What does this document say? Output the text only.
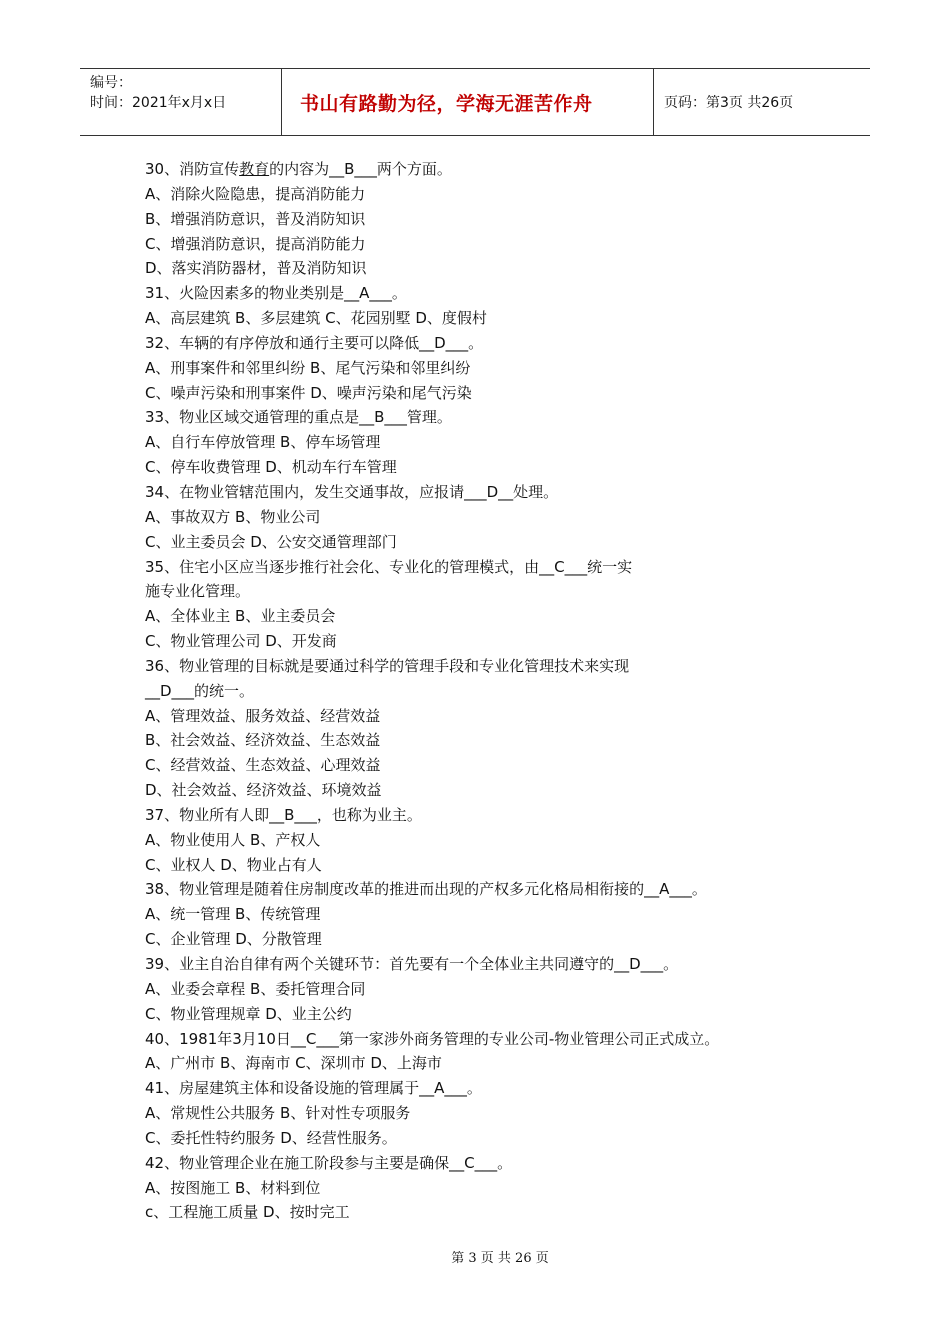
编号：
时间：2021年x月x日	书山有路勤为径，学海无涯苦作舟	页码：第3页 共26页
30、消防宣传教育的内容为__B___两个方面。
A、消除火险隐患，提高消防能力
B、增强消防意识，普及消防知识
C、增强消防意识，提高消防能力
D、落实消防器材，普及消防知识
31、火险因素多的物业类别是__A___。
A、高层建筑 B、多层建筑 C、花园别墅 D、度假村
32、车辆的有序停放和通行主要可以降低__D___。
A、刑事案件和邻里纠纷 B、尾气污染和邻里纠纷
C、噪声污染和刑事案件 D、噪声污染和尾气污染
33、物业区域交通管理的重点是__B___管理。
A、自行车停放管理 B、停车场管理
C、停车收费管理 D、机动车行车管理
34、在物业管辖范围内，发生交通事故，应报请___D__处理。
A、事故双方 B、物业公司
C、业主委员会 D、公安交通管理部门
35、住宅小区应当逐步推行社会化、专业化的管理模式，由__C___统一实
施专业化管理。
A、全体业主 B、业主委员会
C、物业管理公司 D、开发商
36、物业管理的目标就是要通过科学的管理手段和专业化管理技术来实现
__D___的统一。
A、管理效益、服务效益、经营效益
B、社会效益、经济效益、生态效益
C、经营效益、生态效益、心理效益
D、社会效益、经济效益、环境效益
37、物业所有人即__B___，也称为业主。
A、物业使用人 B、产权人
C、业权人 D、物业占有人
38、物业管理是随着住房制度改革的推进而出现的产权多元化格局相衔接的__A___。
A、统一管理 B、传统管理
C、企业管理 D、分散管理
39、业主自治自律有两个关键环节：首先要有一个全体业主共同遵守的__D___。
A、业委会章程 B、委托管理合同
C、物业管理规章 D、业主公约
40、1981年3月10日__C___第一家涉外商务管理的专业公司-物业管理公司正式成立。
A、广州市 B、海南市 C、深圳市 D、上海市
41、房屋建筑主体和设备设施的管理属于__A___。
A、常规性公共服务 B、针对性专项服务
C、委托性特约服务 D、经营性服务。
42、物业管理企业在施工阶段参与主要是确保__C___。
A、按图施工 B、材料到位
c、工程施工质量 D、按时完工
第 3 页 共 26 页
